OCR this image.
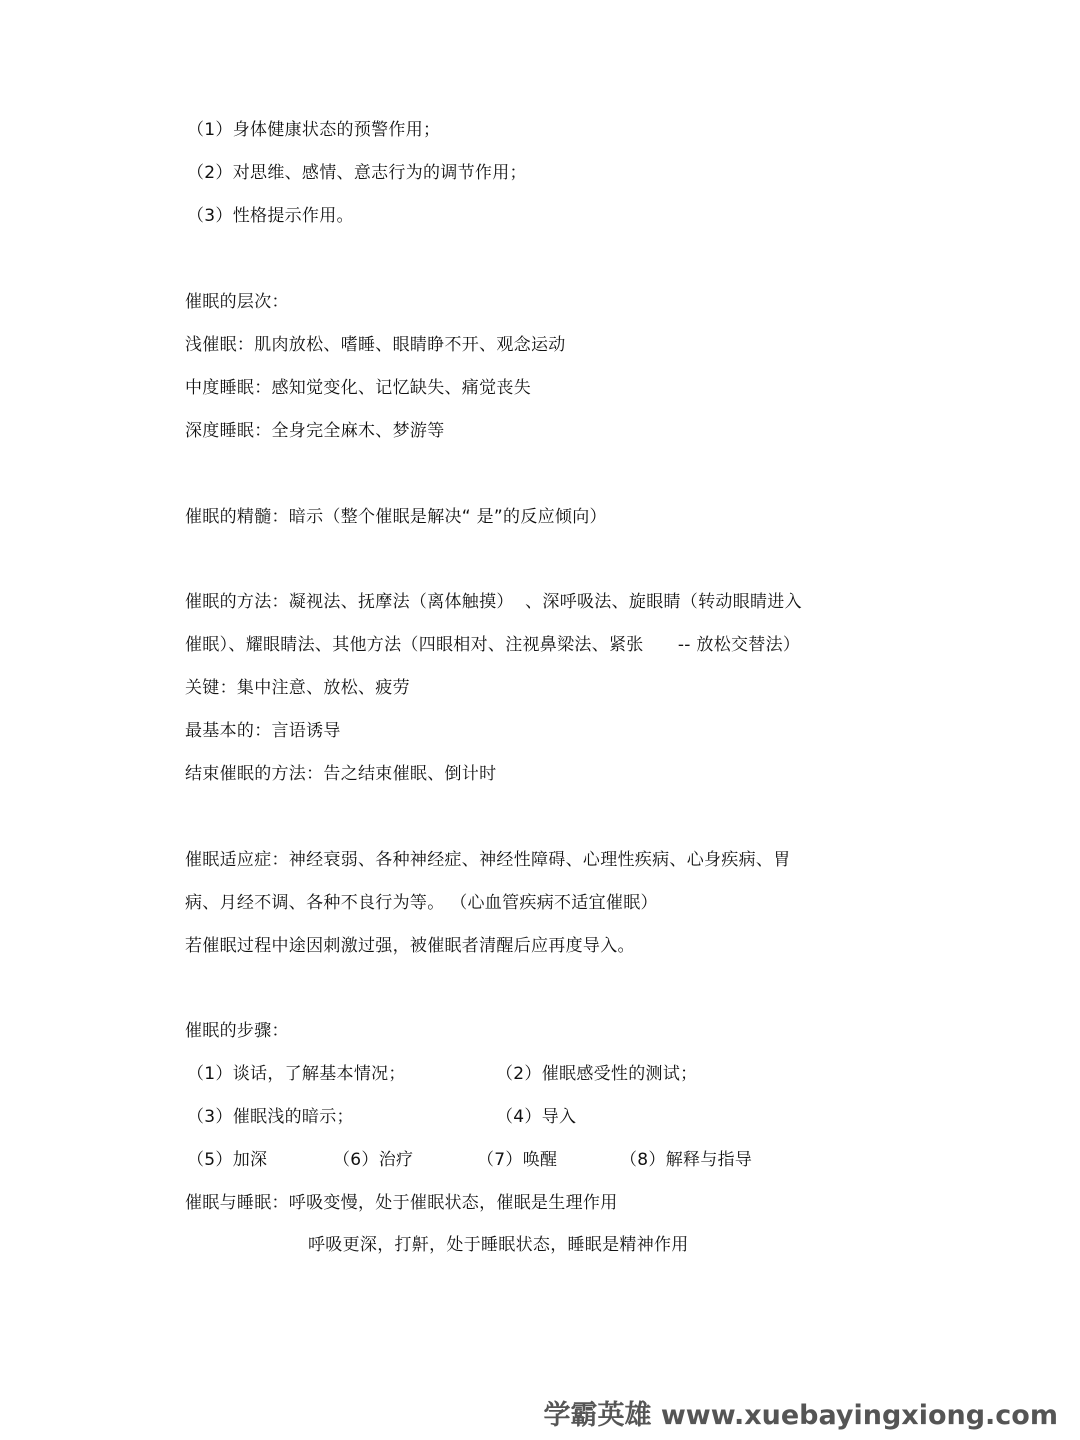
（1）身体健康状态的预警作用；
（2）对思维、感情、意志行为的调节作用；
（3）性格提示作用。
催眠的层次：
浅催眠：肌肉放松、嗜睡、眼睛睁不开、观念运动
中度睡眠：感知觉变化、记忆缺失、痛觉丧失
深度睡眠：全身完全麻木、梦游等
催眠的精髓：暗示（整个催眠是解决“ 是”的反应倾向）
催眠的方法：凝视法、抚摩法（离体触摸）  、深呼吸法、旋眼睛（转动眼睛进入
催眠）、耀眼睛法、其他方法（四眼相对、注视鼻梁法、紧张      -- 放松交替法）
关键：集中注意、放松、疲劳
最基本的：言语诱导
结束催眠的方法：告之结束催眠、倒计时
催眠适应症：神经衰弱、各种神经症、神经性障碍、心理性疾病、心身疾病、胃
病、月经不调、各种不良行为等。 （心血管疾病不适宜催眠）
若催眠过程中途因刺激过强，被催眠者清醒后应再度导入。
催眠的步骤：
（1）谈话，了解基本情况；	（2）催眠感受性的测试；
（3）催眠浅的暗示；	（4）导入
（5）加深	（6）治疗	（7）唤醒	（8）解释与指导
催眠与睡眠：呼吸变慢，处于催眠状态，催眠是生理作用
呼吸更深，打鼾，处于睡眠状态，睡眠是精神作用
学霸英雄 www.xuebayingxiong.com
